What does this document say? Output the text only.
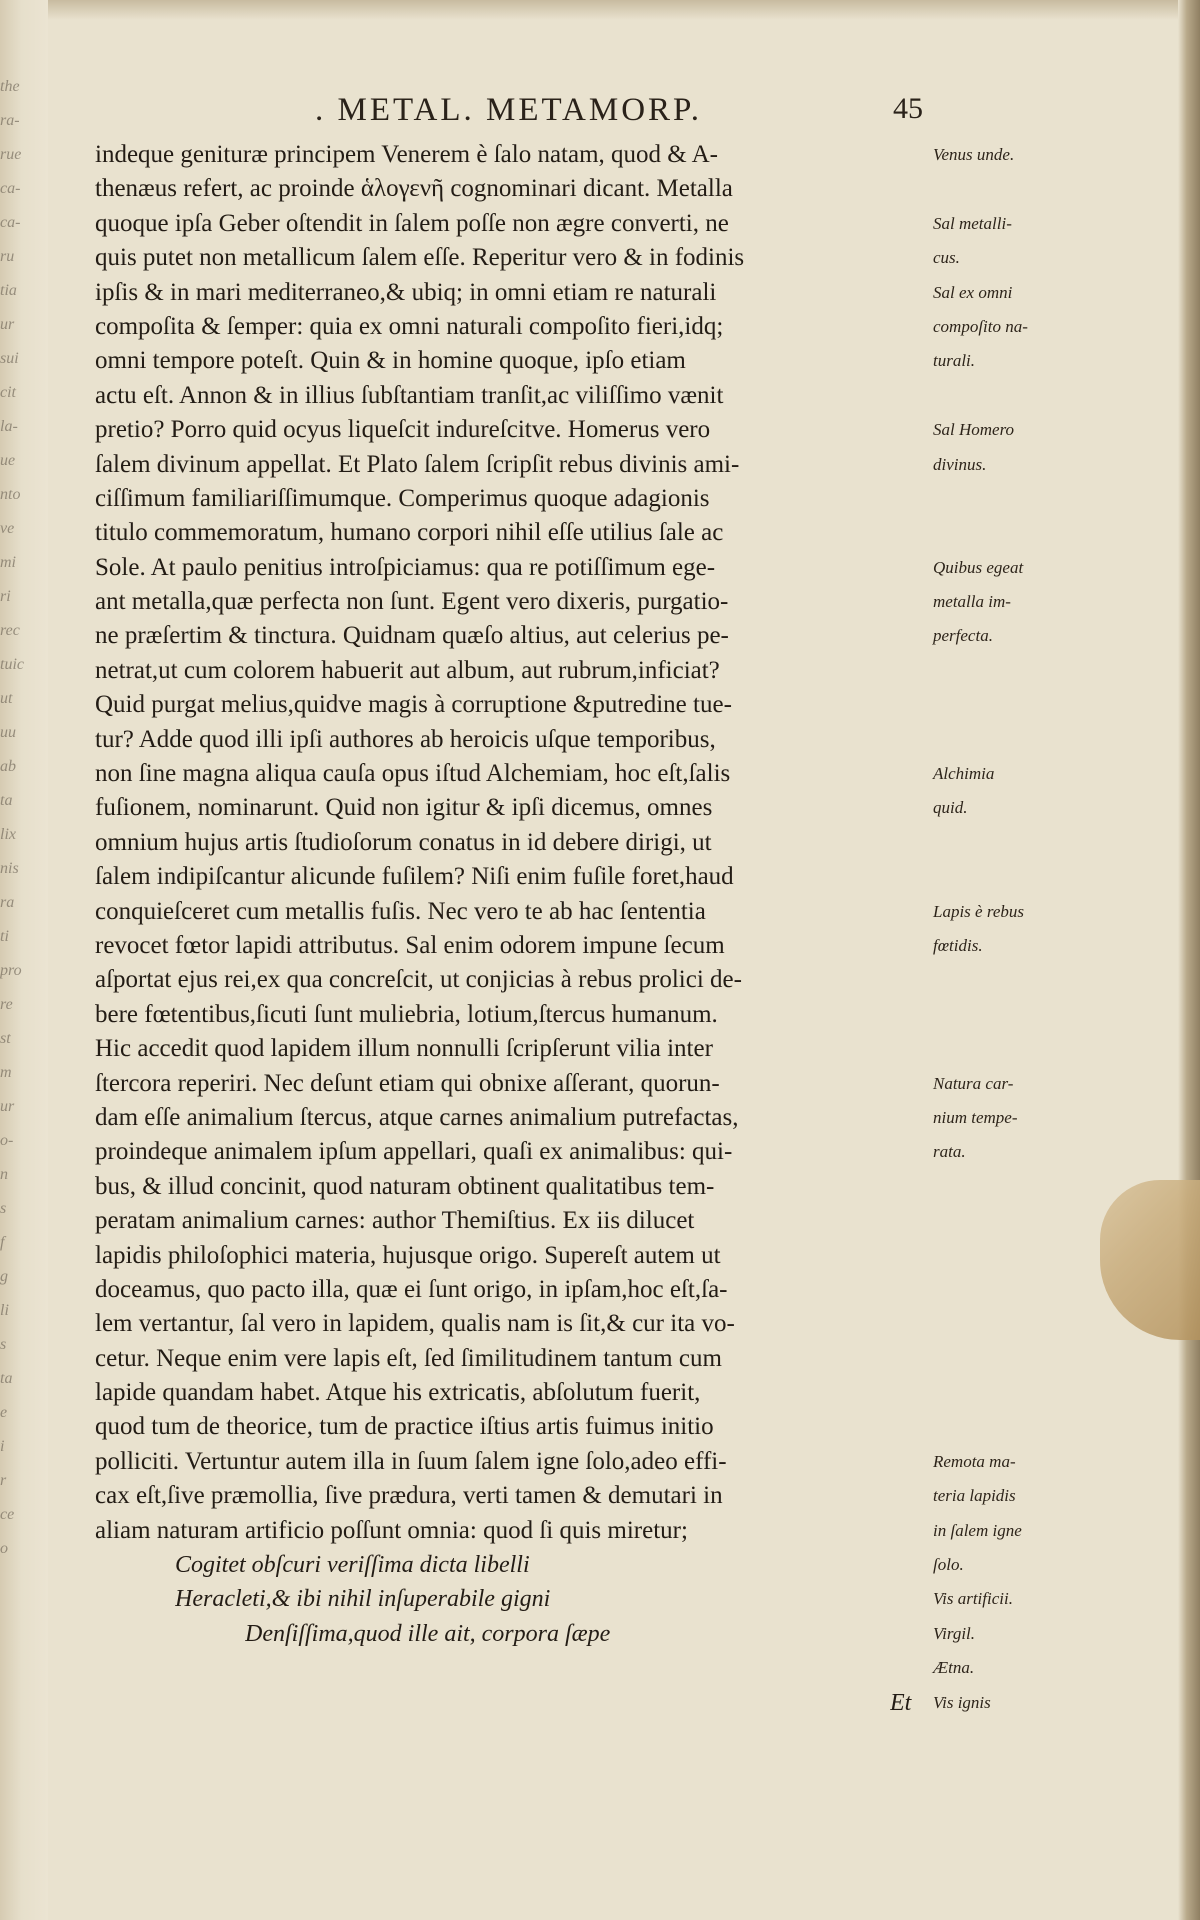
the
ra-
rue
ca-
ca-
ru
tia
ur
sui
cit
la-
ue
nto
ve
mi
ri
rec
tuic
ut
uu
ab
ta
lix
nis
ra
ti
pro
re
st
m
ur
o-
n
s
f
g
li
s
ta
e
i
r
ce
o
. METAL. METAMORP.	45
indeque geniturӕ principem Venerem è ſalo natam, quod & A-	Venus unde.
thenӕus refert, ac proinde ἁλογενῆ cognominari dicant. Metalla
quoque ipſa Geber oſtendit in ſalem poſſe non ӕgre converti, ne	Sal metalli-
quis putet non metallicum ſalem eſſe. Reperitur vero & in fodinis	cus.
ipſis & in mari mediterraneo,& ubiq; in omni etiam re naturali	Sal ex omni
compoſita & ſemper: quia ex omni naturali compoſito fieri,idq;	compoſito na-
omni tempore poteſt. Quin & in homine quoque, ipſo etiam	turali.
actu eſt. Annon & in illius ſubſtantiam tranſit,ac viliſſimo vӕnit
pretio? Porro quid ocyus liqueſcit indureſcitve. Homerus vero	Sal Homero
ſalem divinum appellat. Et Plato ſalem ſcripſit rebus divinis ami-	divinus.
ciſſimum familiariſſimumque. Comperimus quoque adagionis
titulo commemoratum, humano corpori nihil eſſe utilius ſale ac
Sole. At paulo penitius introſpiciamus: qua re potiſſimum ege-	Quibus egeat
ant metalla,quӕ perfecta non ſunt. Egent vero dixeris, purgatio-	metalla im-
ne prӕſertim & tinctura. Quidnam quӕſo altius, aut celerius pe-	perfecta.
netrat,ut cum colorem habuerit aut album, aut rubrum,inficiat?
Quid purgat melius,quidve magis à corruptione &putredine tue-
tur? Adde quod illi ipſi authores ab heroicis uſque temporibus,
non ſine magna aliqua cauſa opus iſtud Alchemiam, hoc eſt,ſalis	Alchimia
fuſionem, nominarunt. Quid non igitur & ipſi dicemus, omnes	quid.
omnium hujus artis ſtudioſorum conatus in id debere dirigi, ut
ſalem indipiſcantur alicunde fuſilem? Niſi enim fuſile foret,haud
conquieſceret cum metallis fuſis. Nec vero te ab hac ſententia	Lapis è rebus
revocet fœtor lapidi attributus. Sal enim odorem impune ſecum	fœtidis.
aſportat ejus rei,ex qua concreſcit, ut conjicias à rebus prolici de-
bere fœtentibus,ſicuti ſunt muliebria, lotium,ſtercus humanum.
Hic accedit quod lapidem illum nonnulli ſcripſerunt vilia inter
ſtercora reperiri. Nec deſunt etiam qui obnixe aſſerant, quorun-	Natura car-
dam eſſe animalium ſtercus, atque carnes animalium putrefactas,	nium tempe-
proindeque animalem ipſum appellari, quaſi ex animalibus: qui-	rata.
bus, & illud concinit, quod naturam obtinent qualitatibus tem-
peratam animalium carnes: author Themiſtius. Ex iis dilucet
lapidis philoſophici materia, hujusque origo. Supereſt autem ut
doceamus, quo pacto illa, quӕ ei ſunt origo, in ipſam,hoc eſt,ſa-
lem vertantur, ſal vero in lapidem, qualis nam is ſit,& cur ita vo-
cetur. Neque enim vere lapis eſt, ſed ſimilitudinem tantum cum
lapide quandam habet. Atque his extricatis, abſolutum fuerit,
quod tum de theorice, tum de practice iſtius artis fuimus initio
polliciti. Vertuntur autem illa in ſuum ſalem igne ſolo,adeo effi-	Remota ma-
cax eſt,ſive prӕmollia, ſive prӕdura, verti tamen & demutari in	teria lapidis
aliam naturam artificio poſſunt omnia: quod ſi quis miretur;	in ſalem igne
Cogitet obſcuri veriſſima dicta libelli	ſolo.
Heracleti,& ibi nihil inſuperabile gigni	Vis artificii.
Denſiſſima,quod ille ait, corpora ſӕpe	Virgil.
Ætna.
Et	Vis ignis
